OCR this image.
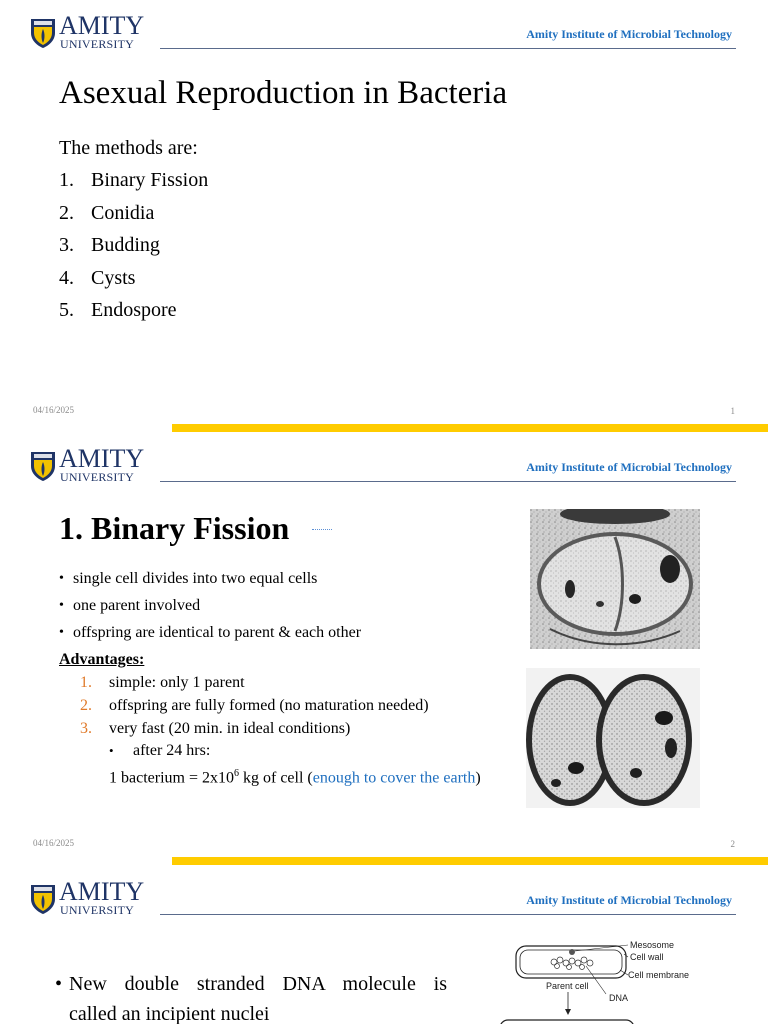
AMITY
UNIVERSITY
Amity Institute of Microbial Technology
Asexual Reproduction in Bacteria
The methods are:
1. Binary Fission
2. Conidia
3. Budding
4. Cysts
5. Endospore
04/16/2025	1
AMITY
UNIVERSITY
Amity Institute of Microbial Technology
1. Binary Fission
• single cell divides into two equal cells
• one parent involved
• offspring are identical to parent & each other
Advantages:
1. simple: only 1 parent
2. offspring are fully formed (no maturation needed)
3. very fast (20 min. in ideal conditions)
• after 24 hrs:
1 bacterium = $2x10^6$ kg of cell (enough to cover the earth)
04/16/2025	2
AMITY
UNIVERSITY
Amity Institute of Microbial Technology
• New double stranded DNA molecule is
called an incipient nuclei
Mesosome
Cell wall
Cell membrane
Parent cell
DNA
